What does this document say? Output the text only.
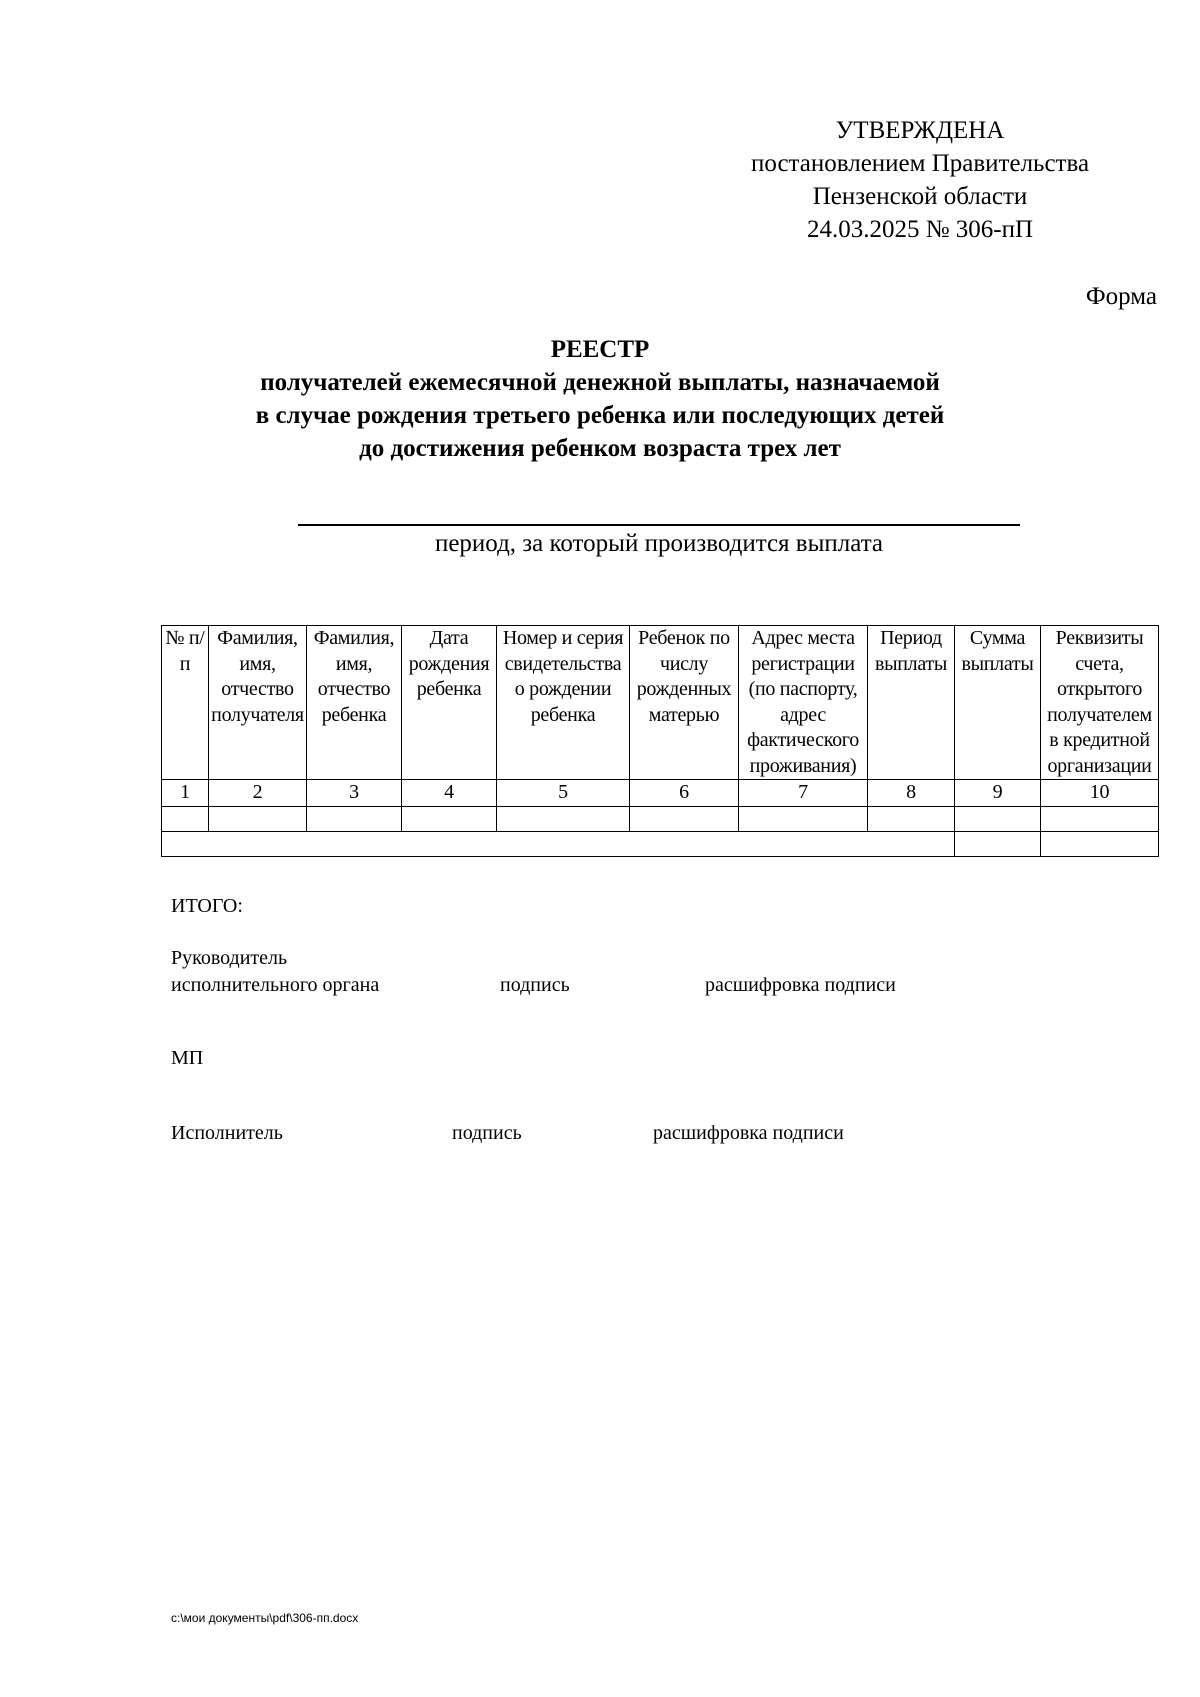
УТВЕРЖДЕНА
постановлением Правительства
Пензенской области
24.03.2025 № 306-пП
Форма
РЕЕСТР
получателей ежемесячной денежной выплаты, назначаемой
в случае рождения третьего ребенка или последующих детей
до достижения ребенком возраста трех лет
период, за который производится выплата
№ п/п	Фамилия, имя, отчество получателя	Фамилия, имя, отчество ребенка	Дата рождения ребенка	Номер и серия свидетельства о рождении ребенка	Ребенок по числу рожденных матерью	Адрес места регистрации (по паспорту, адрес фактического проживания)	Период выплаты	Сумма выплаты	Реквизиты счета, открытого получателем в кредитной организации
1	2	3	4	5	6	7	8	9	10

ИТОГО:
Руководитель
исполнительного органа	подпись	расшифровка подписи
МП
Исполнитель	подпись	расшифровка подписи
c:\мои документы\pdf\306-пп.docx
